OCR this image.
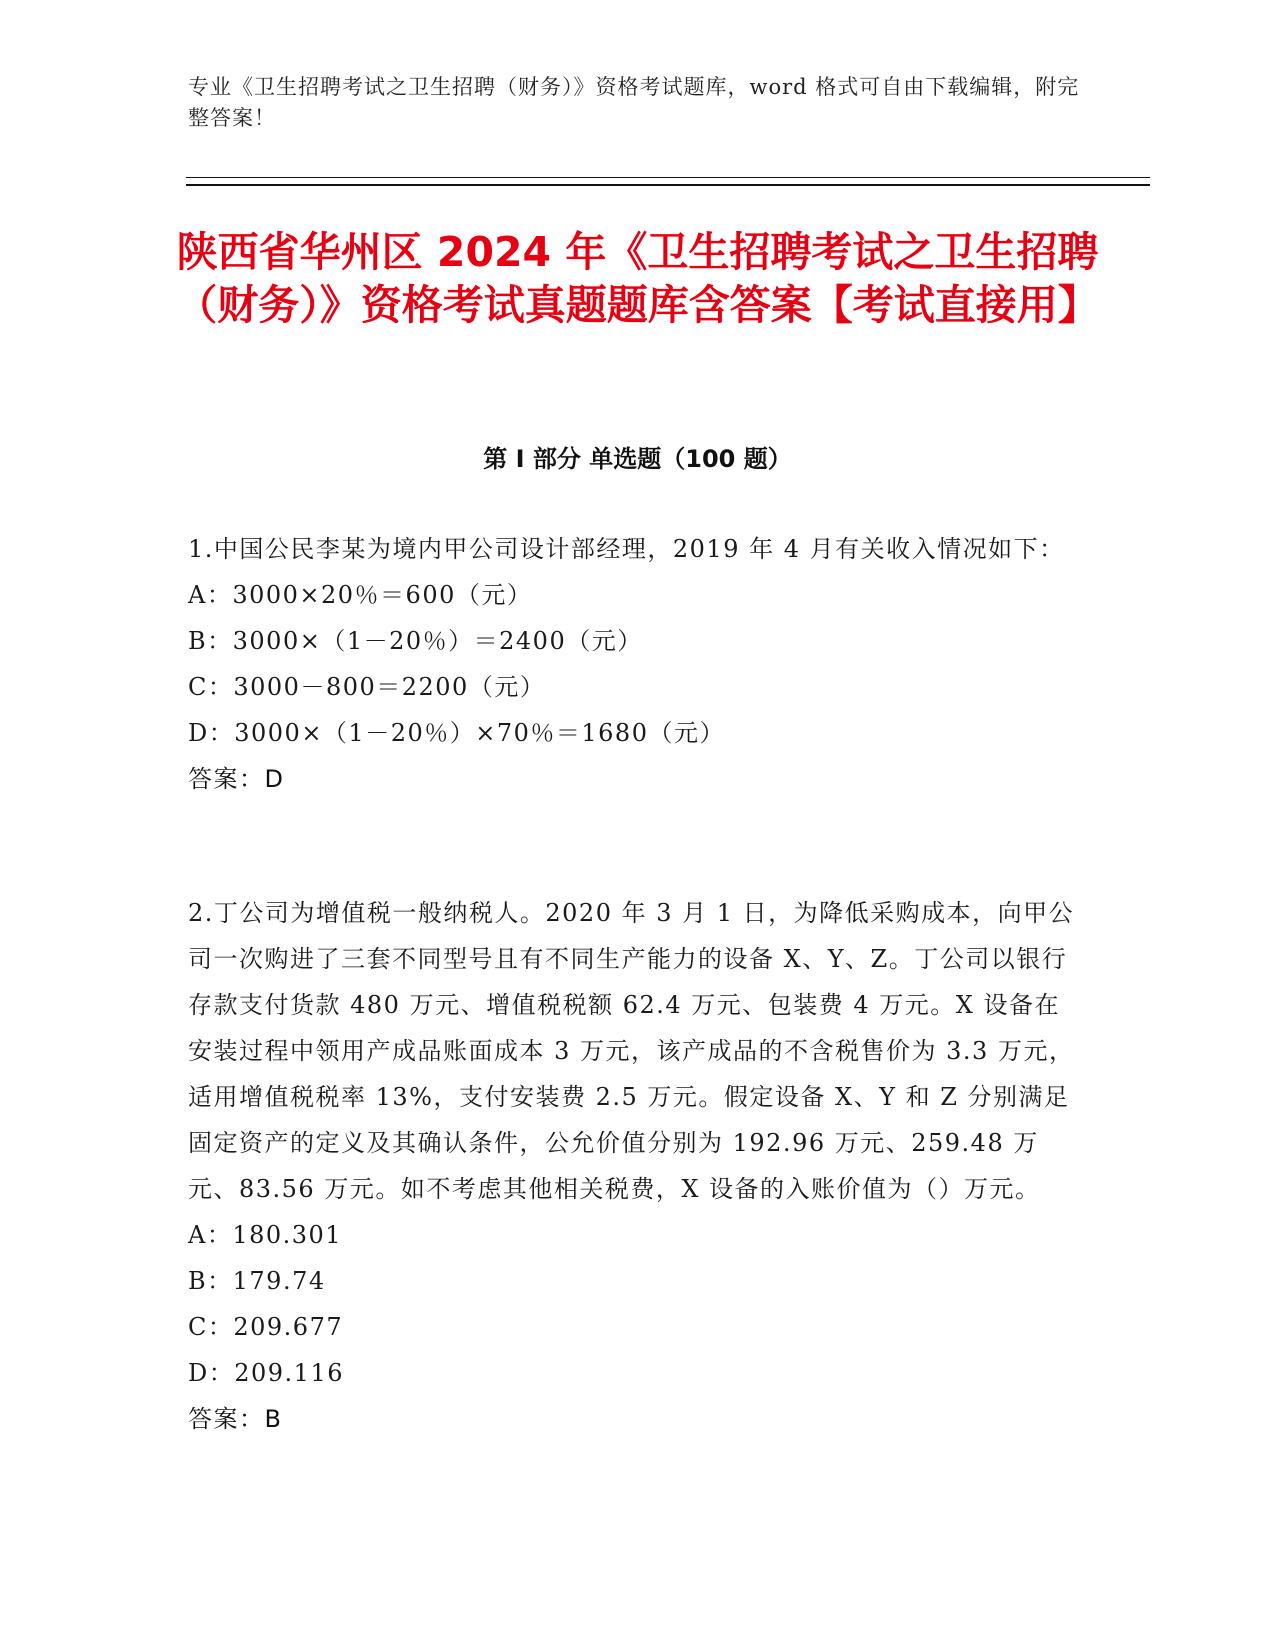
专业《卫生招聘考试之卫生招聘（财务）》资格考试题库，word 格式可自由下载编辑，附完整答案！
陕西省华州区 2024 年《卫生招聘考试之卫生招聘（财务）》资格考试真题题库含答案【考试直接用】
第 I 部分 单选题（100 题）
1.中国公民李某为境内甲公司设计部经理，2019 年 4 月有关收入情况如下：
A：3000×20％＝600（元）
B：3000×（1－20％）＝2400（元）
C：3000－800＝2200（元）
D：3000×（1－20％）×70％＝1680（元）
答案：D
2.丁公司为增值税一般纳税人。2020 年 3 月 1 日，为降低采购成本，向甲公司一次购进了三套不同型号且有不同生产能力的设备 X、Y、Z。丁公司以银行存款支付货款 480 万元、增值税税额 62.4 万元、包装费 4 万元。X 设备在安装过程中领用产成品账面成本 3 万元，该产成品的不含税售价为 3.3 万元，适用增值税税率 13%，支付安装费 2.5 万元。假定设备 X、Y 和 Z 分别满足固定资产的定义及其确认条件，公允价值分别为 192.96 万元、259.48 万元、83.56 万元。如不考虑其他相关税费，X 设备的入账价值为（）万元。
A：180.301
B：179.74
C：209.677
D：209.116
答案：B
